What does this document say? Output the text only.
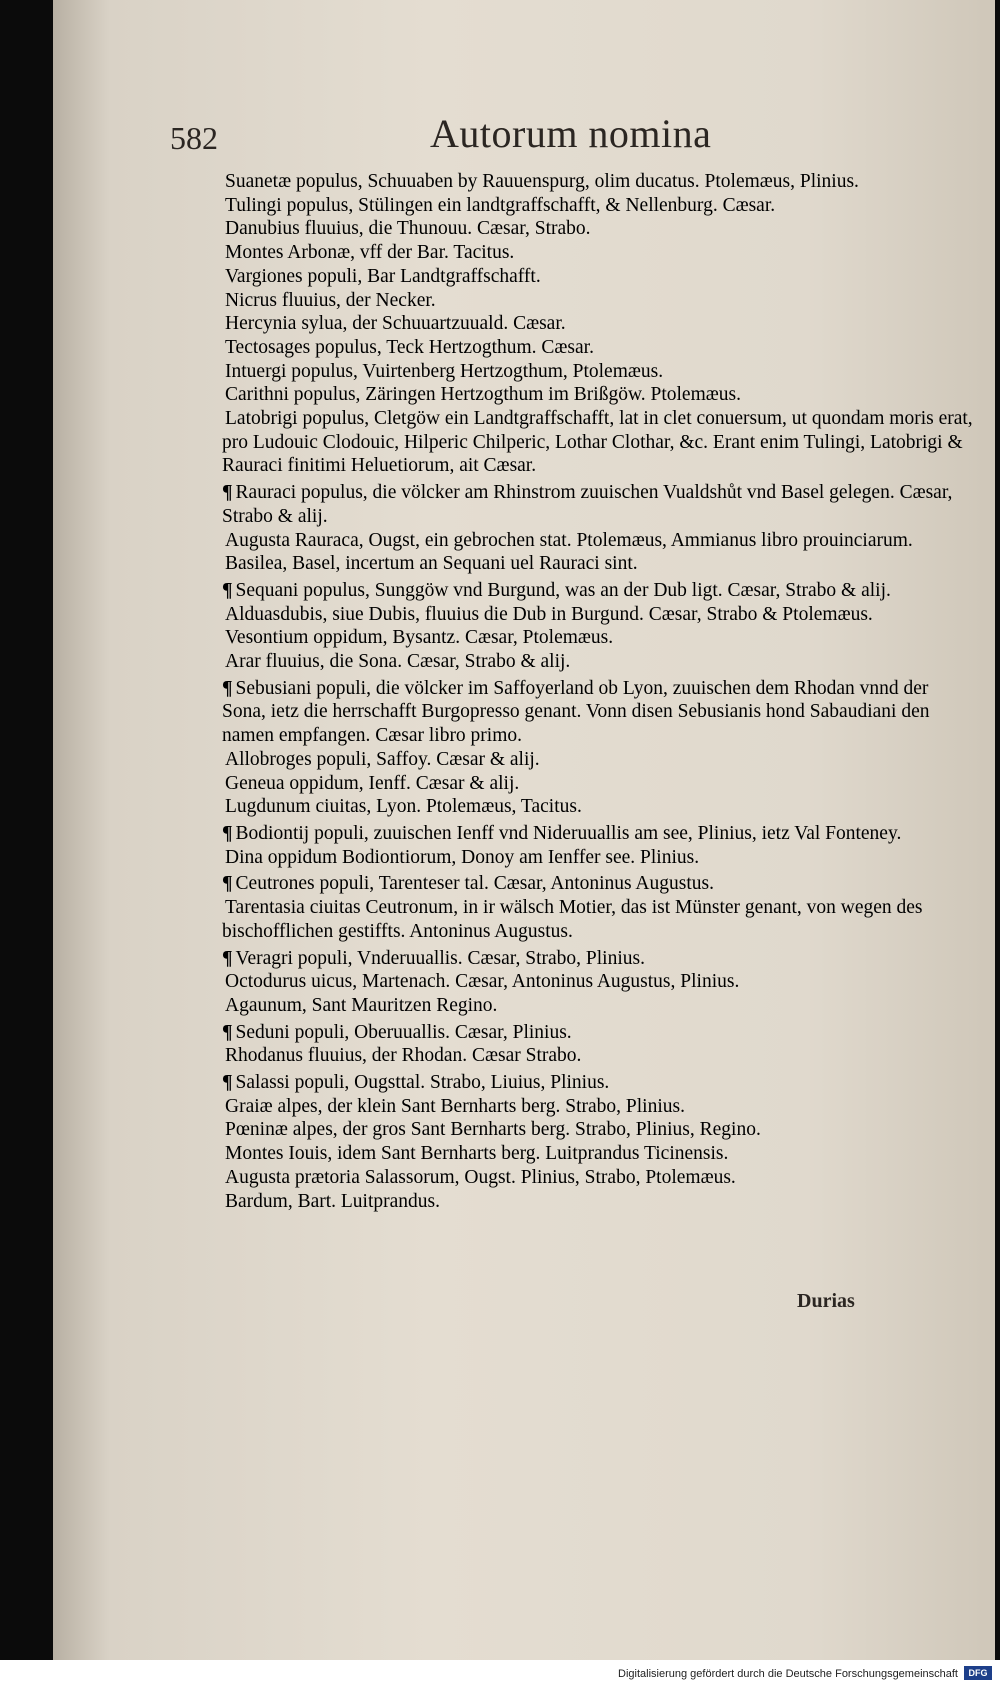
582	Autorum nomina

Suanetæ populus, Schuuaben by Rauuenspurg, olim ducatus. Ptolemæus, Plinius.

Tulingi populus, Stülingen ein landtgraffschafft, & Nellenburg. Cæsar.

Danubius fluuius, die Thunouu. Cæsar, Strabo.

Montes Arbonæ, vff der Bar. Tacitus.

Vargiones populi, Bar Landtgraffschafft.

Nicrus fluuius, der Necker.

Hercynia sylua, der Schuuartzuuald. Cæsar.

Tectosages populus, Teck Hertzogthum. Cæsar.

Intuergi populus, Vuirtenberg Hertzogthum, Ptolemæus.

Carithni populus, Zäringen Hertzogthum im Brißgöw. Ptolemæus.

Latobrigi populus, Cletgöw ein Landtgraffschafft, lat in clet conuersum, ut quondam moris erat, pro Ludouic Clodouic, Hilperic Chilperic, Lothar Clothar, &c. Erant enim Tulingi, Latobrigi & Rauraci finitimi Heluetiorum, ait Cæsar.

¶ Rauraci populus, die völcker am Rhinstrom zuuischen Vualdshůt vnd Basel gelegen. Cæsar, Strabo & alij.

Augusta Rauraca, Ougst, ein gebrochen stat. Ptolemæus, Ammianus libro prouinciarum.

Basilea, Basel, incertum an Sequani uel Rauraci sint.

¶ Sequani populus, Sunggöw vnd Burgund, was an der Dub ligt. Cæsar, Strabo & alij.

Alduasdubis, siue Dubis, fluuius die Dub in Burgund. Cæsar, Strabo & Ptolemæus.

Vesontium oppidum, Bysantz. Cæsar, Ptolemæus.

Arar fluuius, die Sona. Cæsar, Strabo & alij.

¶ Sebusiani populi, die völcker im Saffoyerland ob Lyon, zuuischen dem Rhodan vnnd der Sona, ietz die herrschafft Burgopresso genant. Vonn disen Sebusianis hond Sabaudiani den namen empfangen. Cæsar libro primo.

Allobroges populi, Saffoy. Cæsar & alij.

Geneua oppidum, Ienff. Cæsar & alij.

Lugdunum ciuitas, Lyon. Ptolemæus, Tacitus.

¶ Bodiontij populi, zuuischen Ienff vnd Nideruuallis am see, Plinius, ietz Val Fonteney.

Dina oppidum Bodiontiorum, Donoy am Ienffer see. Plinius.

¶ Ceutrones populi, Tarenteser tal. Cæsar, Antoninus Augustus.

Tarentasia ciuitas Ceutronum, in ir wälsch Motier, das ist Münster genant, von wegen des bischofflichen gestiffts. Antoninus Augustus.

¶ Veragri populi, Vnderuuallis. Cæsar, Strabo, Plinius.

Octodurus uicus, Martenach. Cæsar, Antoninus Augustus, Plinius.

Agaunum, Sant Mauritzen Regino.

¶ Seduni populi, Oberuuallis. Cæsar, Plinius.

Rhodanus fluuius, der Rhodan. Cæsar Strabo.

¶ Salassi populi, Ougsttal. Strabo, Liuius, Plinius.

Graiæ alpes, der klein Sant Bernharts berg. Strabo, Plinius.

Pœninæ alpes, der gros Sant Bernharts berg. Strabo, Plinius, Regino.

Montes Iouis, idem Sant Bernharts berg. Luitprandus Ticinensis.

Augusta prætoria Salassorum, Ougst. Plinius, Strabo, Ptolemæus.

Bardum, Bart. Luitprandus.

Durias
Digitalisierung gefördert durch die Deutsche Forschungsgemeinschaft	DFG
